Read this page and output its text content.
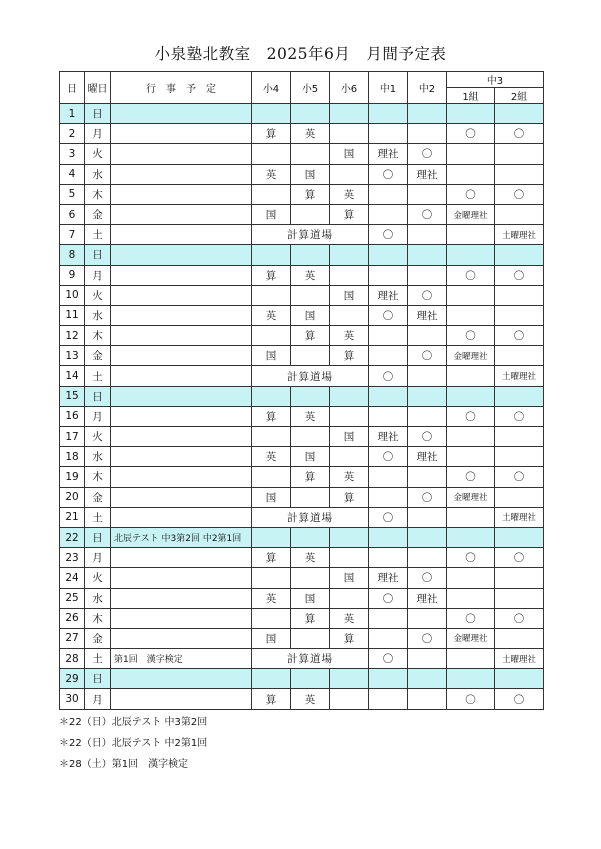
小泉塾北教室　2025年6月　月間予定表
日	曜日	行　事　予　定	小4	小5	小6	中1	中2	中3	
								1組	2組
1	日								
2	月		算	英				〇	〇
3	火				国	理社	〇		
4	水		英	国		〇	理社		
5	木			算	英			〇	〇
6	金		国		算		〇	金曜理社	
7	土		計算道場			〇			土曜理社
8	日								
9	月		算	英				〇	〇
10	火				国	理社	〇		
11	水		英	国		〇	理社		
12	木			算	英			〇	〇
13	金		国		算		〇	金曜理社	
14	土		計算道場			〇			土曜理社
15	日								
16	月		算	英				〇	〇
17	火				国	理社	〇		
18	水		英	国		〇	理社		
19	木			算	英			〇	〇
20	金		国		算		〇	金曜理社	
21	土		計算道場			〇			土曜理社
22	日	北辰テスト 中3第2回 中2第1回							
23	月		算	英				〇	〇
24	火				国	理社	〇		
25	水		英	国		〇	理社		
26	木			算	英			〇	〇
27	金		国		算		〇	金曜理社	
28	土	第1回　漢字検定	計算道場			〇			土曜理社
29	日								
30	月		算	英				〇	〇
＊22（日）北辰テスト 中3第2回
＊22（日）北辰テスト 中2第1回
＊28（土）第1回　漢字検定
